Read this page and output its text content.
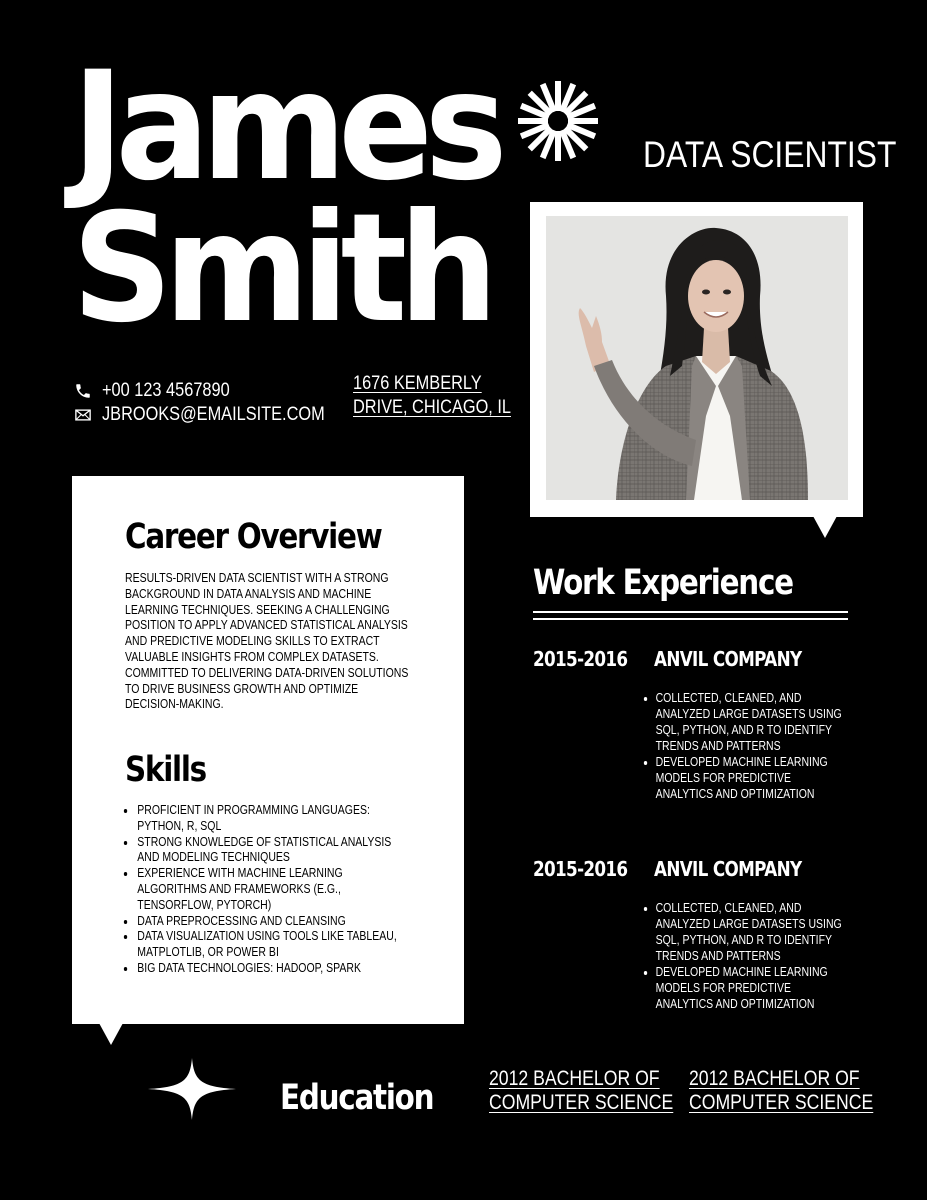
James
Smith
DATA SCIENTIST
+00 123 4567890
JBROOKS@EMAILSITE.COM
1676 KEMBERLY
DRIVE, CHICAGO, IL
Career Overview
RESULTS-DRIVEN DATA SCIENTIST WITH A STRONG BACKGROUND IN DATA ANALYSIS AND MACHINE LEARNING TECHNIQUES. SEEKING A CHALLENGING POSITION TO APPLY ADVANCED STATISTICAL ANALYSIS AND PREDICTIVE MODELING SKILLS TO EXTRACT VALUABLE INSIGHTS FROM COMPLEX DATASETS. COMMITTED TO DELIVERING DATA-DRIVEN SOLUTIONS TO DRIVE BUSINESS GROWTH AND OPTIMIZE DECISION-MAKING.
Skills
• PROFICIENT IN PROGRAMMING LANGUAGES: PYTHON, R, SQL
• STRONG KNOWLEDGE OF STATISTICAL ANALYSIS AND MODELING TECHNIQUES
• EXPERIENCE WITH MACHINE LEARNING ALGORITHMS AND FRAMEWORKS (E.G., TENSORFLOW, PYTORCH)
• DATA PREPROCESSING AND CLEANSING
• DATA VISUALIZATION USING TOOLS LIKE TABLEAU, MATPLOTLIB, OR POWER BI
• BIG DATA TECHNOLOGIES: HADOOP, SPARK
Work Experience
2015-2016 ANVIL COMPANY
• COLLECTED, CLEANED, AND ANALYZED LARGE DATASETS USING SQL, PYTHON, AND R TO IDENTIFY TRENDS AND PATTERNS
• DEVELOPED MACHINE LEARNING MODELS FOR PREDICTIVE ANALYTICS AND OPTIMIZATION
2015-2016 ANVIL COMPANY
• COLLECTED, CLEANED, AND ANALYZED LARGE DATASETS USING SQL, PYTHON, AND R TO IDENTIFY TRENDS AND PATTERNS
• DEVELOPED MACHINE LEARNING MODELS FOR PREDICTIVE ANALYTICS AND OPTIMIZATION
Education	2012 BACHELOR OF
COMPUTER SCIENCE
2012 BACHELOR OF
COMPUTER SCIENCE
